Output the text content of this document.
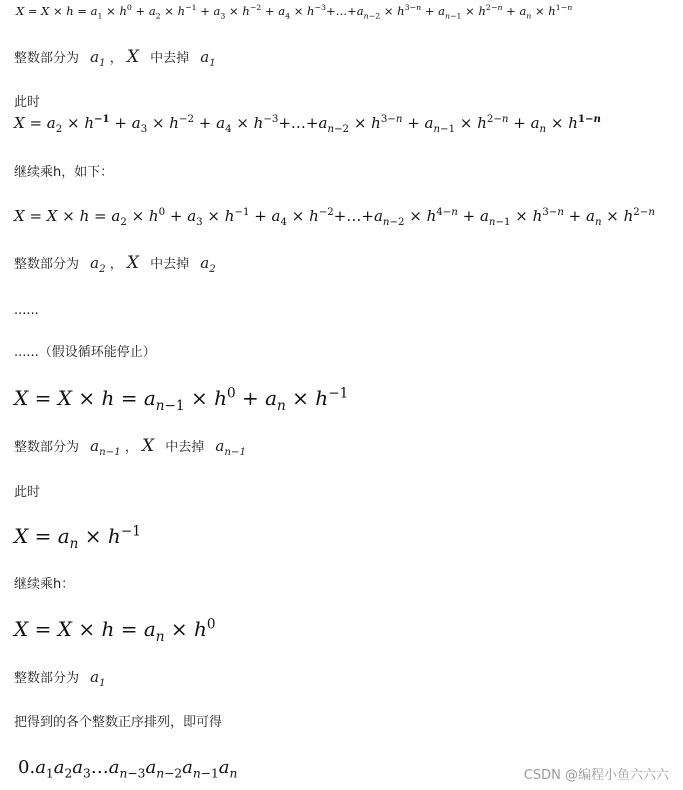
$X = X \times h = a_1 \times h^0 + a_2 \times h^{-1} + a_3 \times h^{-2} + a_4$ × $h^{-3}+\dots+a_{n-2} \times h^{3-n} + a_{n-1} \times h^{2-n} + a_n \times h^{1-n}$
整数部分为 $a_1$ ， X 中去掉 $a_1$
此时
$X = a_2 \times h^{-1} + a_3 \times h^{-2} + a_4$ × $h^{-3}+\dots+a_{n-2} \times h^{3-n} + a_{n-1} \times h^{2-n} + a_n \times h^{1-n}$
继续乘h，如下：
$X = X \times h = a_2 \times h^0 + a_3 \times h^{-1} + a_4$ × $h^{-2}+\dots+a_{n-2} \times h^{4-n} + a_{n-1} \times h^{3-n} + a_n \times h^{2-n}$
整数部分为 $a_2$ ， X 中去掉 $a_2$
......
......（假设循环能停止）
$X = X \times h = a_{n-1} \times h^0 + a_n \times h^{-1}$
整数部分为 $a_{n-1}$ ， X 中去掉 $a_{n-1}$
此时
$X = a_n \times h^{-1}$
继续乘h：
$X = X \times h = a_n \times h^0$
整数部分为 $a_1$
把得到的各个整数正序排列，即可得
$0.a_1a_2a_3\dots a_{n-3}a_{n-2}a_{n-1}a_n$	CSDN @编程小鱼六六六
